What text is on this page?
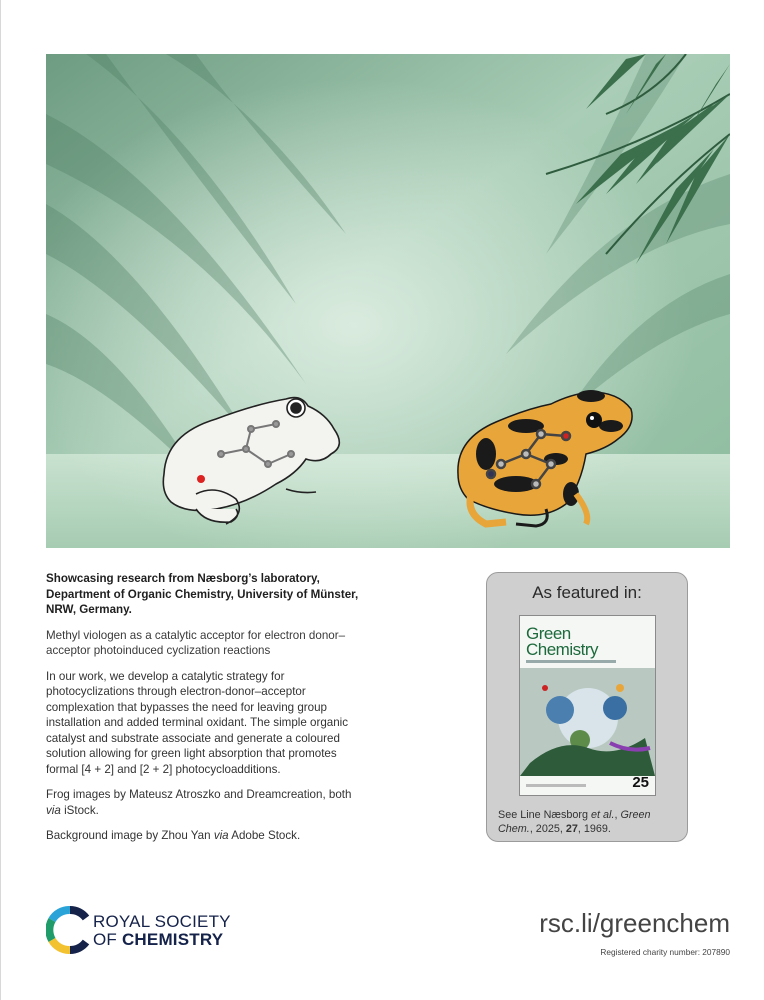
Showcasing research from Næsborg’s laboratory,
Department of Organic Chemistry, University of Münster,
NRW, Germany.
Methyl viologen as a catalytic acceptor for electron donor–
acceptor photoinduced cyclization reactions
In our work, we develop a catalytic strategy for
photocyclizations through electron-donor–acceptor
complexation that bypasses the need for leaving group
installation and added terminal oxidant. The simple organic
catalyst and substrate associate and generate a coloured
solution allowing for green light absorption that promotes
formal [4 + 2] and [2 + 2] photocycloadditions.
Frog images by Mateusz Atroszko and Dreamcreation, both
via iStock.
Background image by Zhou Yan via Adobe Stock.
As featured in:
Green
Chemistry
25
See Line Næsborg et al., Green
Chem., 2025, 27, 1969.
ROYAL SOCIETY
OF CHEMISTRY
rsc.li/greenchem
Registered charity number: 207890
